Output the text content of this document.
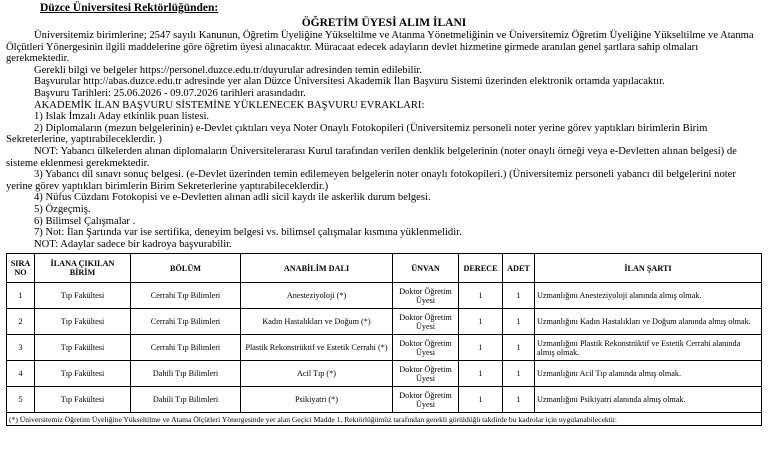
Düzce Üniversitesi Rektörlüğünden:
ÖĞRETİM ÜYESİ ALIM İLANI

Üniversitemiz birimlerine; 2547 sayılı Kanunun, Öğretim Üyeliğine Yükseltilme ve Atanma Yönetmeliğinin ve Üniversitemiz Öğretim Üyeliğine Yükseltilme ve Atanma Ölçütleri Yönergesinin ilgili maddelerine göre öğretim üyesi alınacaktır. Müracaat edecek adayların devlet hizmetine girmede aranılan genel şartlara sahip olmaları gerekmektedir.

Gerekli bilgi ve belgeler https://personel.duzce.edu.tr/duyurular adresinden temin edilebilir.

Başvurular http://abas.duzce.edu.tr adresinde yer alan Düzce Üniversitesi Akademik İlan Başvuru Sistemi üzerinden elektronik ortamda yapılacaktır.

Başvuru Tarihleri: 25.06.2026 - 09.07.2026 tarihleri arasındadır.

AKADEMİK İLAN BAŞVURU SİSTEMİNE YÜKLENECEK BAŞVURU EVRAKLARI:

1) Islak İmzalı Aday etkinlik puan listesi.

2) Diplomaların (mezun belgelerinin) e-Devlet çıktıları veya Noter Onaylı Fotokopileri (Üniversitemiz personeli noter yerine görev yaptıkları birimlerin Birim Sekreterlerine, yaptırabileceklerdir. )

NOT: Yabancı ülkelerden alınan diplomaların Üniversitelerarası Kurul tarafından verilen denklik belgelerinin (noter onaylı örneği veya e-Devletten alınan belgesi) de sisteme eklenmesi gerekmektedir.

3) Yabancı dil sınavı sonuç belgesi. (e-Devlet üzerinden temin edilemeyen belgelerin noter onaylı fotokopileri.) (Üniversitemiz personeli yabancı dil belgelerini noter yerine görev yaptıkları birimlerin Birim Sekreterlerine yaptırabileceklerdir.)

4) Nüfus Cüzdanı Fotokopisi ve e-Devletten alınan adli sicil kaydı ile askerlik durum belgesi.

5) Özgeçmiş.

6) Bilimsel Çalışmalar .

7) Not: İlan Şartında var ise sertifika, deneyim belgesi vs. bilimsel çalışmalar kısmına yüklenmelidir.

NOT: Adaylar sadece bir kadroya başvurabilir.

SIRA NO	İLANA ÇIKILAN BİRİM	BÖLÜM	ANABİLİM DALI	ÜNVAN	DERECE	ADET	İLAN ŞARTI
1	Tıp Fakültesi	Cerrahi Tıp Bilimleri	Anesteziyoloji (*)	Doktor Öğretim Üyesi	1	1	Uzmanlığını Anesteziyoloji alanında almış olmak.
2	Tıp Fakültesi	Cerrahi Tıp Bilimleri	Kadın Hastalıkları ve Doğum (*)	Doktor Öğretim Üyesi	1	1	Uzmanlığını Kadın Hastalıkları ve Doğum alanında almış olmak.
3	Tıp Fakültesi	Cerrahi Tıp Bilimleri	Plastik Rekonstrüktif ve Estetik Cerrahi (*)	Doktor Öğretim Üyesi	1	1	Uzmanlığını Plastik Rekonstrüktif ve Estetik Cerrahi alanında almış olmak.
4	Tıp Fakültesi	Dahili Tıp Bilimleri	Acil Tıp (*)	Doktor Öğretim Üyesi	1	1	Uzmanlığını Acil Tıp alanında almış olmak.
5	Tıp Fakültesi	Dahili Tıp Bilimleri	Psikiyatri (*)	Doktor Öğretim Üyesi	1	1	Uzmanlığını Psikiyatri alanında almış olmak.
(*) Üniversitemiz Öğretim Üyeliğine Yükseltilme ve Atama Ölçütleri Yönergesinde yer alan Geçici Madde 1, Rektörlüğümüz tarafından gerekli görüldüğü takdirde bu kadrolar için uygulanabilecektir.							
